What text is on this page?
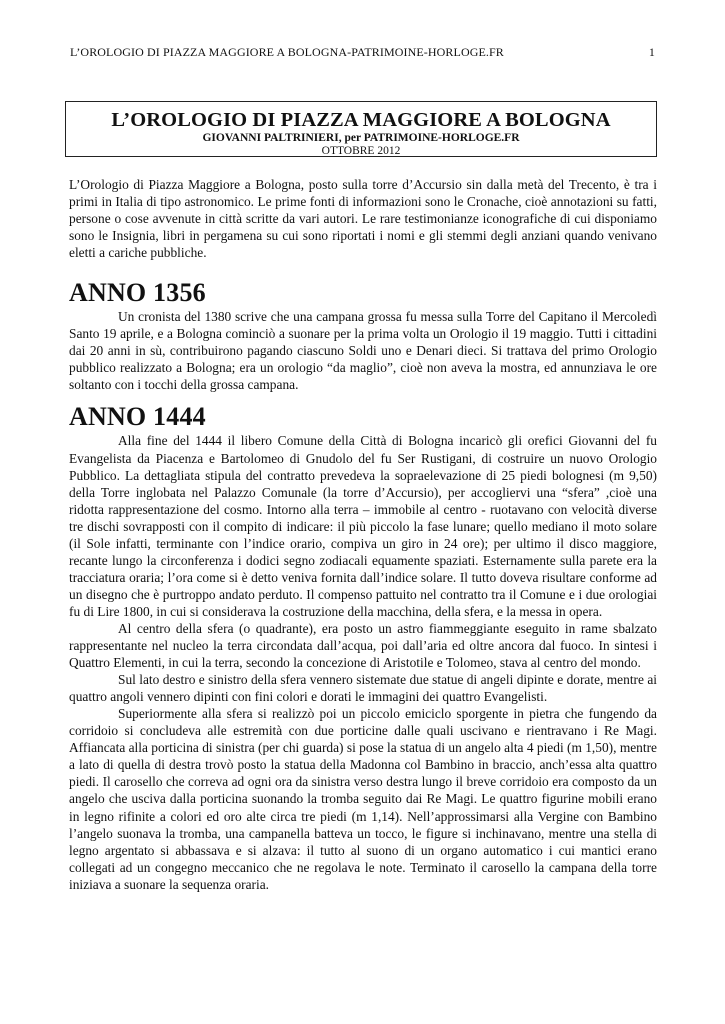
L’OROLOGIO DI PIAZZA MAGGIORE A BOLOGNA-PATRIMOINE-HORLOGE.FR	1
L’OROLOGIO DI PIAZZA MAGGIORE A BOLOGNA
GIOVANNI PALTRINIERI, per PATRIMOINE-HORLOGE.FR
OTTOBRE 2012

L’Orologio di Piazza Maggiore a Bologna, posto sulla torre d’Accursio sin dalla metà del Trecento, è tra i primi in Italia di tipo astronomico. Le prime fonti di informazioni sono le Cronache, cioè annotazioni su fatti, persone o cose avvenute in città scritte da vari autori. Le rare testimonianze iconografiche di cui disponiamo sono le Insignia, libri in pergamena su cui sono riportati i nomi e gli stemmi degli anziani quando venivano eletti a cariche pubbliche.

ANNO 1356

Un cronista del 1380 scrive che una campana grossa fu messa sulla Torre del Capitano il Mercoledì Santo 19 aprile, e a Bologna cominciò a suonare per la prima volta un Orologio il 19 maggio. Tutti i cittadini dai 20 anni in sù, contribuirono pagando ciascuno Soldi uno e Denari dieci. Si trattava del primo Orologio pubblico realizzato a Bologna; era un orologio “da maglio”, cioè non aveva la mostra, ed annunziava le ore soltanto con i tocchi della grossa campana.

ANNO 1444

Alla fine del 1444 il libero Comune della Città di Bologna incaricò gli orefici Giovanni del fu Evangelista da Piacenza e Bartolomeo di Gnudolo del fu Ser Rustigani, di costruire un nuovo Orologio Pubblico. La dettagliata stipula del contratto prevedeva la sopraelevazione di 25 piedi bolognesi (m 9,50) della Torre inglobata nel Palazzo Comunale (la torre d’Accursio), per accogliervi una “sfera” ,cioè una ridotta rappresentazione del cosmo. Intorno alla terra – immobile al centro - ruotavano con velocità diverse tre dischi sovrapposti con il compito di indicare: il più piccolo la fase lunare; quello mediano il moto solare (il Sole infatti, terminante con l’indice orario, compiva un giro in 24 ore); per ultimo il disco maggiore, recante lungo la circonferenza i dodici segno zodiacali equamente spaziati. Esternamente sulla parete era la tracciatura oraria; l’ora come si è detto veniva fornita dall’indice solare. Il tutto doveva risultare conforme ad un disegno che è purtroppo andato perduto. Il compenso pattuito nel contratto tra il Comune e i due orologiai fu di Lire 1800, in cui si considerava la costruzione della macchina, della sfera, e la messa in opera.

Al centro della sfera (o quadrante), era posto un astro fiammeggiante eseguito in rame sbalzato rappresentante nel nucleo la terra circondata dall’acqua, poi dall’aria ed oltre ancora dal fuoco. In sintesi i Quattro Elementi, in cui la terra, secondo la concezione di Aristotile e Tolomeo, stava al centro del mondo.

Sul lato destro e sinistro della sfera vennero sistemate due statue di angeli dipinte e dorate, mentre ai quattro angoli vennero dipinti con fini colori e dorati le immagini dei quattro Evangelisti.

Superiormente alla sfera si realizzò poi un piccolo emiciclo sporgente in pietra che fungendo da corridoio si concludeva alle estremità con due porticine dalle quali uscivano e rientravano i Re Magi. Affiancata alla porticina di sinistra (per chi guarda) si pose la statua di un angelo alta 4 piedi (m 1,50), mentre a lato di quella di destra trovò posto la statua della Madonna col Bambino in braccio, anch’essa alta quattro piedi. Il carosello che correva ad ogni ora da sinistra verso destra lungo il breve corridoio era composto da un angelo che usciva dalla porticina suonando la tromba seguito dai Re Magi. Le quattro figurine mobili erano in legno rifinite a colori ed oro alte circa tre piedi (m 1,14). Nell’approssimarsi alla Vergine con Bambino l’angelo suonava la tromba, una campanella batteva un tocco, le figure si inchinavano, mentre una stella di legno argentato si abbassava e si alzava: il tutto al suono di un organo automatico i cui mantici erano collegati ad un congegno meccanico che ne regolava le note. Terminato il carosello la campana della torre iniziava a suonare la sequenza oraria.
